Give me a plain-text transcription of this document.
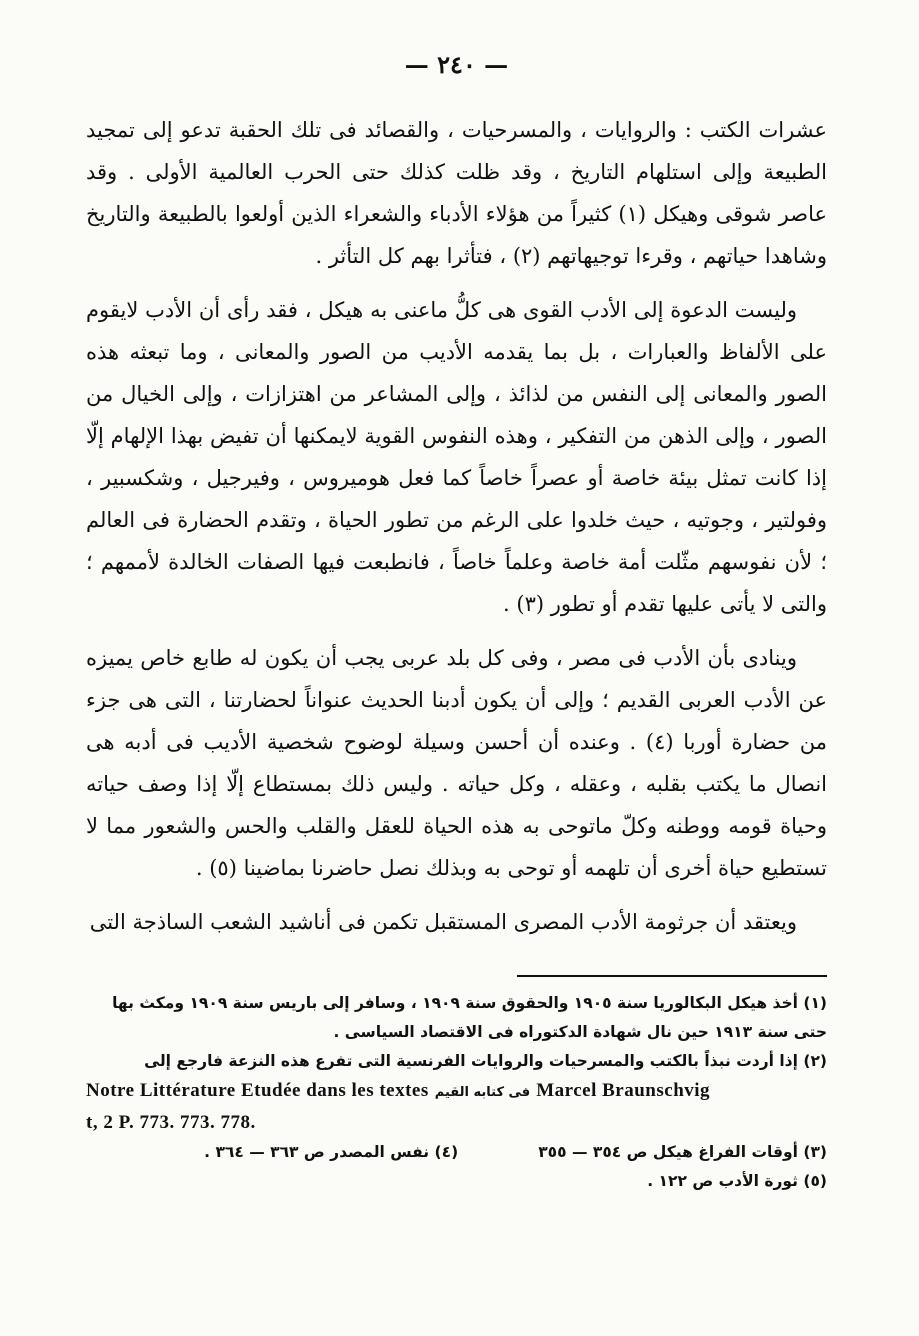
— ٢٤٠ —

عشرات الكتب : والروايات ، والمسرحيات ، والقصائد فى تلك الحقبة تدعو إلى تمجيد الطبيعة وإلى استلهام التاريخ ، وقد ظلت كذلك حتى الحرب العالمية الأولى . وقد عاصر شوقى وهيكل (١) كثيراً من هؤلاء الأدباء والشعراء الذين أولعوا بالطبيعة والتاريخ وشاهدا حياتهم ، وقرءا توجيهاتهم (٢) ، فتأثرا بهم كل التأثر .

وليست الدعوة إلى الأدب القوى هى كلُّ ماعنى به هيكل ، فقد رأى أن الأدب لايقوم على الألفاظ والعبارات ، بل بما يقدمه الأديب من الصور والمعانى ، وما تبعثه هذه الصور والمعانى إلى النفس من لذائذ ، وإلى المشاعر من اهتزازات ، وإلى الخيال من الصور ، وإلى الذهن من التفكير ، وهذه النفوس القوية لايمكنها أن تفيض بهذا الإلهام إلّا إذا كانت تمثل بيئة خاصة أو عصراً خاصاً كما فعل هوميروس ، وفيرجيل ، وشكسبير ، وفولتير ، وجوتيه ، حيث خلدوا على الرغم من تطور الحياة ، وتقدم الحضارة فى العالم ؛ لأن نفوسهم مثّلت أمة خاصة وعلماً خاصاً ، فانطبعت فيها الصفات الخالدة لأممهم ؛ والتى لا يأتى عليها تقدم أو تطور (٣) .

وينادى بأن الأدب فى مصر ، وفى كل بلد عربى يجب أن يكون له طابع خاص يميزه عن الأدب العربى القديم ؛ وإلى أن يكون أدبنا الحديث عنواناً لحضارتنا ، التى هى جزء من حضارة أوربا (٤) . وعنده أن أحسن وسيلة لوضوح شخصية الأديب فى أدبه هى انصال ما يكتب بقلبه ، وعقله ، وكل حياته . وليس ذلك بمستطاع إلّا إذا وصف حياته وحياة قومه ووطنه وكلّ ماتوحى به هذه الحياة للعقل والقلب والحس والشعور مما لا تستطيع حياة أخرى أن تلهمه أو توحى به وبذلك نصل حاضرنا بماضينا (٥) .

ويعتقد أن جرثومة الأدب المصرى المستقبل تكمن فى أناشيد الشعب الساذجة التى

(١) أخذ هيكل البكالوريا سنة ١٩٠٥ والحقوق سنة ١٩٠٩ ، وسافر إلى باريس سنة ١٩٠٩ ومكث بها حتى سنة ١٩١٣ حين نال شهادة الدكتوراه فى الاقتصاد السياسى .

(٢) إذا أردت نبذاً بالكتب والمسرحيات والروايات الفرنسية التى تفرع هذه النزعة فارجع إلى

Notre Littérature Etudée dans les textes فى كتابه القيم Marcel Braunschvig
t, 2 P. 773. 773. 778.
(٣) أوقات الفراغ هيكل ص ٣٥٤ — ٣٥٥
(٤) نفس المصدر ص ٣٦٣ — ٣٦٤ .

(٥) ثورة الأدب ص ١٢٢ .
